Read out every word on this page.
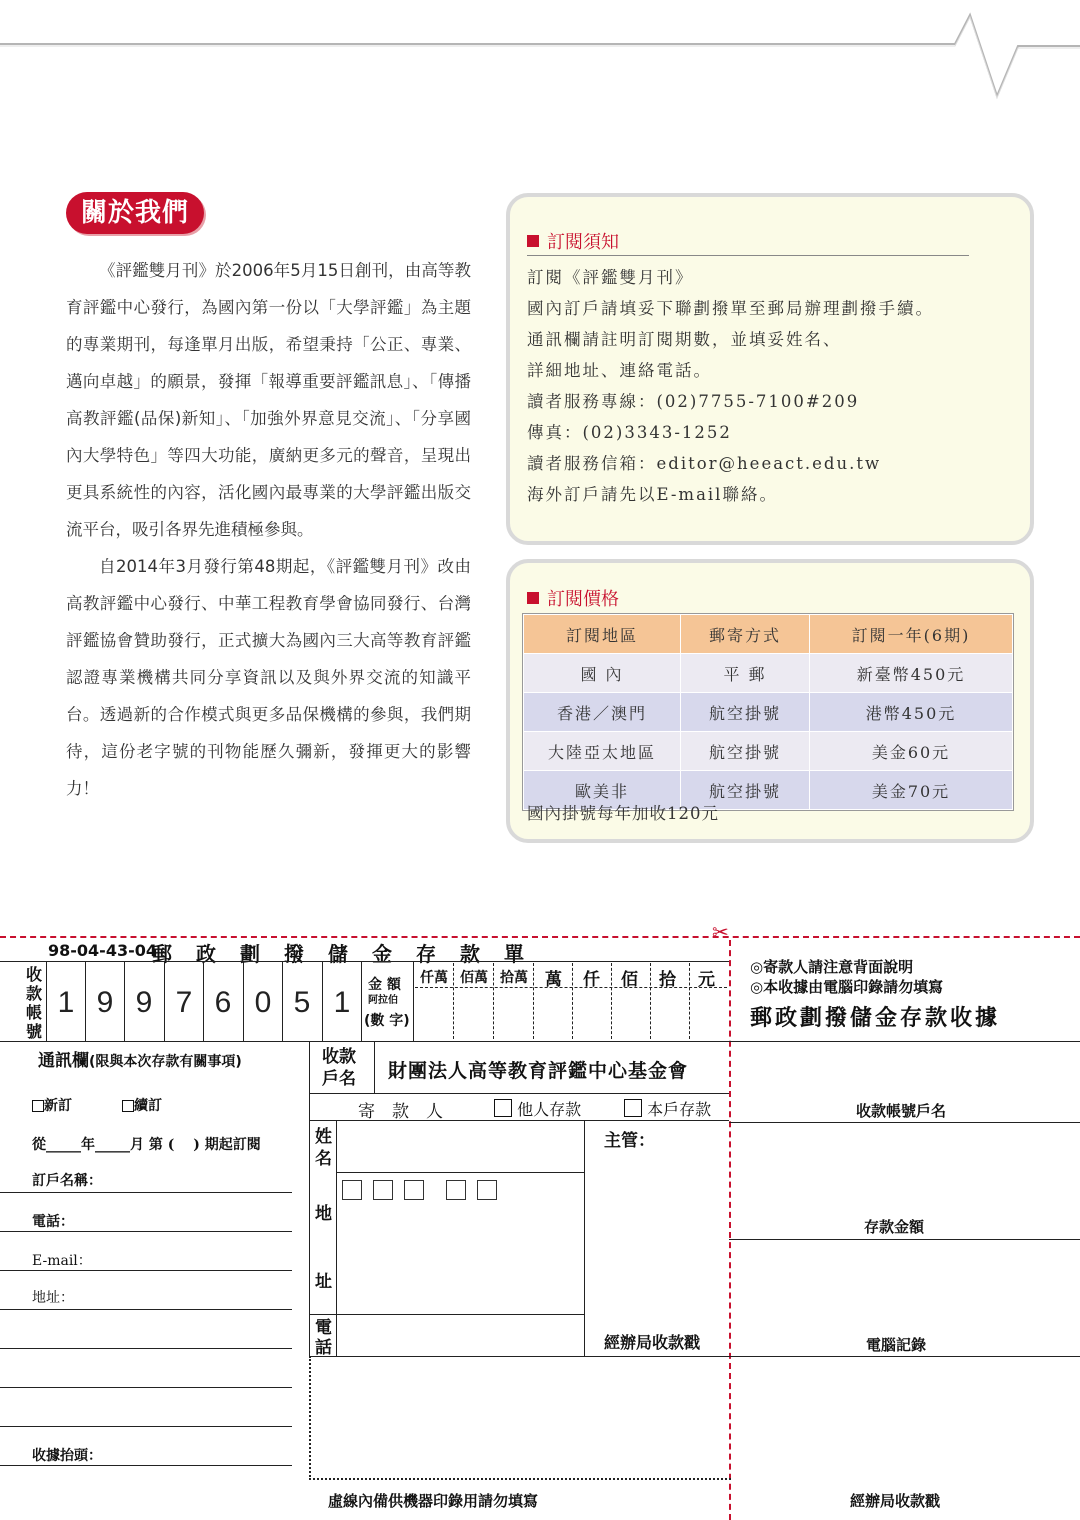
關於我們

《評鑑雙月刊》於2006年5月15日創刊，由高等教育評鑑中心發行，為國內第一份以「大學評鑑」為主題的專業期刊，每逢單月出版，希望秉持「公正、專業、邁向卓越」的願景，發揮「報導重要評鑑訊息」、「傳播高教評鑑(品保)新知」、「加強外界意見交流」、「分享國內大學特色」等四大功能，廣納更多元的聲音，呈現出更具系統性的內容，活化國內最專業的大學評鑑出版交流平台，吸引各界先進積極參與。

自2014年3月發行第48期起，《評鑑雙月刊》改由高教評鑑中心發行、中華工程教育學會協同發行、台灣評鑑協會贊助發行，正式擴大為國內三大高等教育評鑑認證專業機構共同分享資訊以及與外界交流的知識平台。透過新的合作模式與更多品保機構的參與，我們期待，這份老字號的刊物能歷久彌新，發揮更大的影響力！

訂閱須知
訂閱《評鑑雙月刊》
國內訂戶請填妥下聯劃撥單至郵局辦理劃撥手續。
通訊欄請註明訂閱期數，並填妥姓名、
詳細地址、連絡電話。
讀者服務專線：(02)7755-7100#209
傳真：(02)3343-1252
讀者服務信箱：editor@heeact.edu.tw
海外訂戶請先以E-mail聯絡。
訂閱價格
訂閱地區	郵寄方式	訂閱一年(6期)
國 內	平 郵	新臺幣450元
香港／澳門	航空掛號	港幣450元
大陸亞太地區	航空掛號	美金60元
歐美非	航空掛號	美金70元
國內掛號每年加收120元
✂
98-04-43-04
郵　政　劃　撥　儲　金　存　款　單
收
款
帳
號
1 9 9 7 6 0 5 1
金 額
阿拉伯
(數 字)
仟萬 佰萬 拾萬 萬 仟 佰 拾 元
通訊欄(限與本次存款有關事項)
新訂	續訂
從_____年_____月 第 (　 ) 期起訂閱
訂戶名稱：
電話：
E-mail：
地址：
收據抬頭：
收款戶名	財團法人高等教育評鑑中心基金會
寄　款　人	他人存款	本戶存款
姓名
主管：
地
址
電話	經辦局收款戳
虛線內備供機器印錄用請勿填寫
◎寄款人請注意背面說明
◎本收據由電腦印錄請勿填寫
郵政劃撥儲金存款收據
收款帳號戶名
存款金額
電腦記錄
經辦局收款戳
